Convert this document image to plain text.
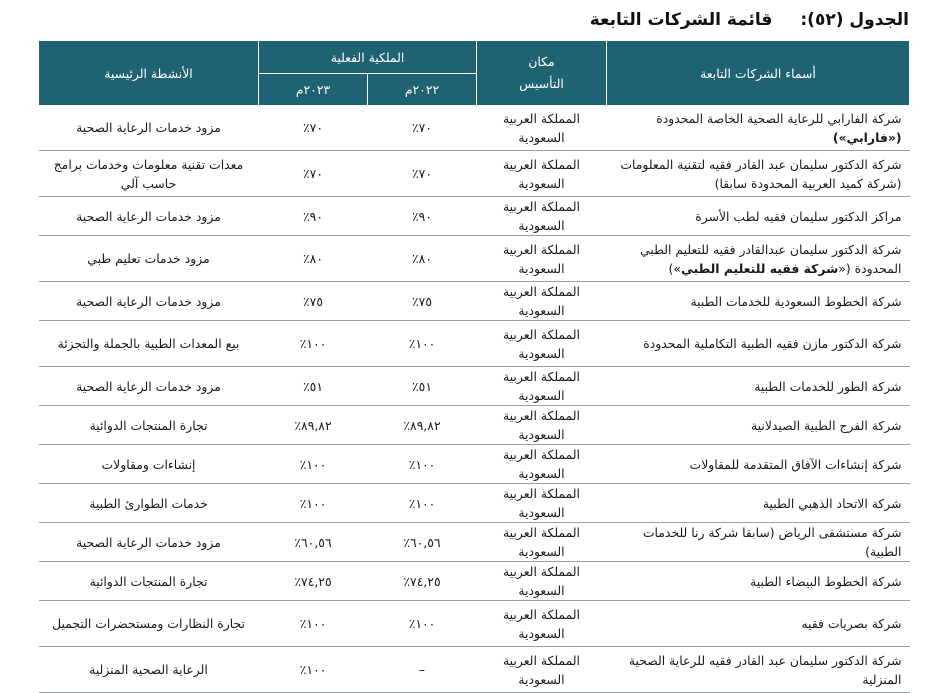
الجدول (٥٢): قائمة الشركات التابعة
أسماء الشركات التابعة	مكان
التأسيس	الملكية الفعلية		الأنشطة الرئيسية
		٢٠٢٢م	٢٠٢٣م	
شركة الفارابي للرعاية الصحية الخاصة المحدودة
(«فارابي»)	المملكة العربية السعودية	٧٠٪	٧٠٪	مزود خدمات الرعاية الصحية
شركة الدكتور سليمان عبد القادر فقيه لتقنية المعلومات
(شركة كميد العربية المحدودة سابقا)	المملكة العربية السعودية	٧٠٪	٧٠٪	معدات تقنية معلومات وخدمات برامج حاسب آلي
مراكز الدكتور سليمان فقيه لطب الأسرة	المملكة العربية السعودية	٩٠٪	٩٠٪	مزود خدمات الرعاية الصحية
شركة الدكتور سليمان عبدالقادر فقيه للتعليم الطبي
المحدودة («شركة فقيه للتعليم الطبي»)	المملكة العربية السعودية	٨٠٪	٨٠٪	مزود خدمات تعليم طبي
شركة الخطوط السعودية للخدمات الطبية	المملكة العربية السعودية	٧٥٪	٧٥٪	مزود خدمات الرعاية الصحية
شركة الدكتور مازن فقيه الطبية التكاملية المحدودة	المملكة العربية السعودية	١٠٠٪	١٠٠٪	بيع المعدات الطبية بالجملة والتجزئة
شركة الطور للخدمات الطبية	المملكة العربية السعودية	٥١٪	٥١٪	مزود خدمات الرعاية الصحية
شركة الفرج الطبية الصيدلانية	المملكة العربية السعودية	٨٩,٨٢٪	٨٩,٨٢٪	تجارة المنتجات الدوائية
شركة إنشاءات الآفاق المتقدمة للمقاولات	المملكة العربية السعودية	١٠٠٪	١٠٠٪	إنشاءات ومقاولات
شركة الاتحاد الذهبي الطبية	المملكة العربية السعودية	١٠٠٪	١٠٠٪	خدمات الطوارئ الطبية
شركة مستشفى الرياض (سابقا شركة رنا للخدمات الطبية)	المملكة العربية السعودية	٦٠,٥٦٪	٦٠,٥٦٪	مزود خدمات الرعاية الصحية
شركة الخطوط البيضاء الطبية	المملكة العربية السعودية	٧٤,٢٥٪	٧٤,٢٥٪	تجارة المنتجات الدوائية
شركة بصريات فقيه	المملكة العربية السعودية	١٠٠٪	١٠٠٪	تجارة النظارات ومستحضرات التجميل
شركة الدكتور سليمان عبد القادر فقيه للرعاية الصحية المنزلية	المملكة العربية السعودية	–	١٠٠٪	الرعاية الصحية المنزلية
